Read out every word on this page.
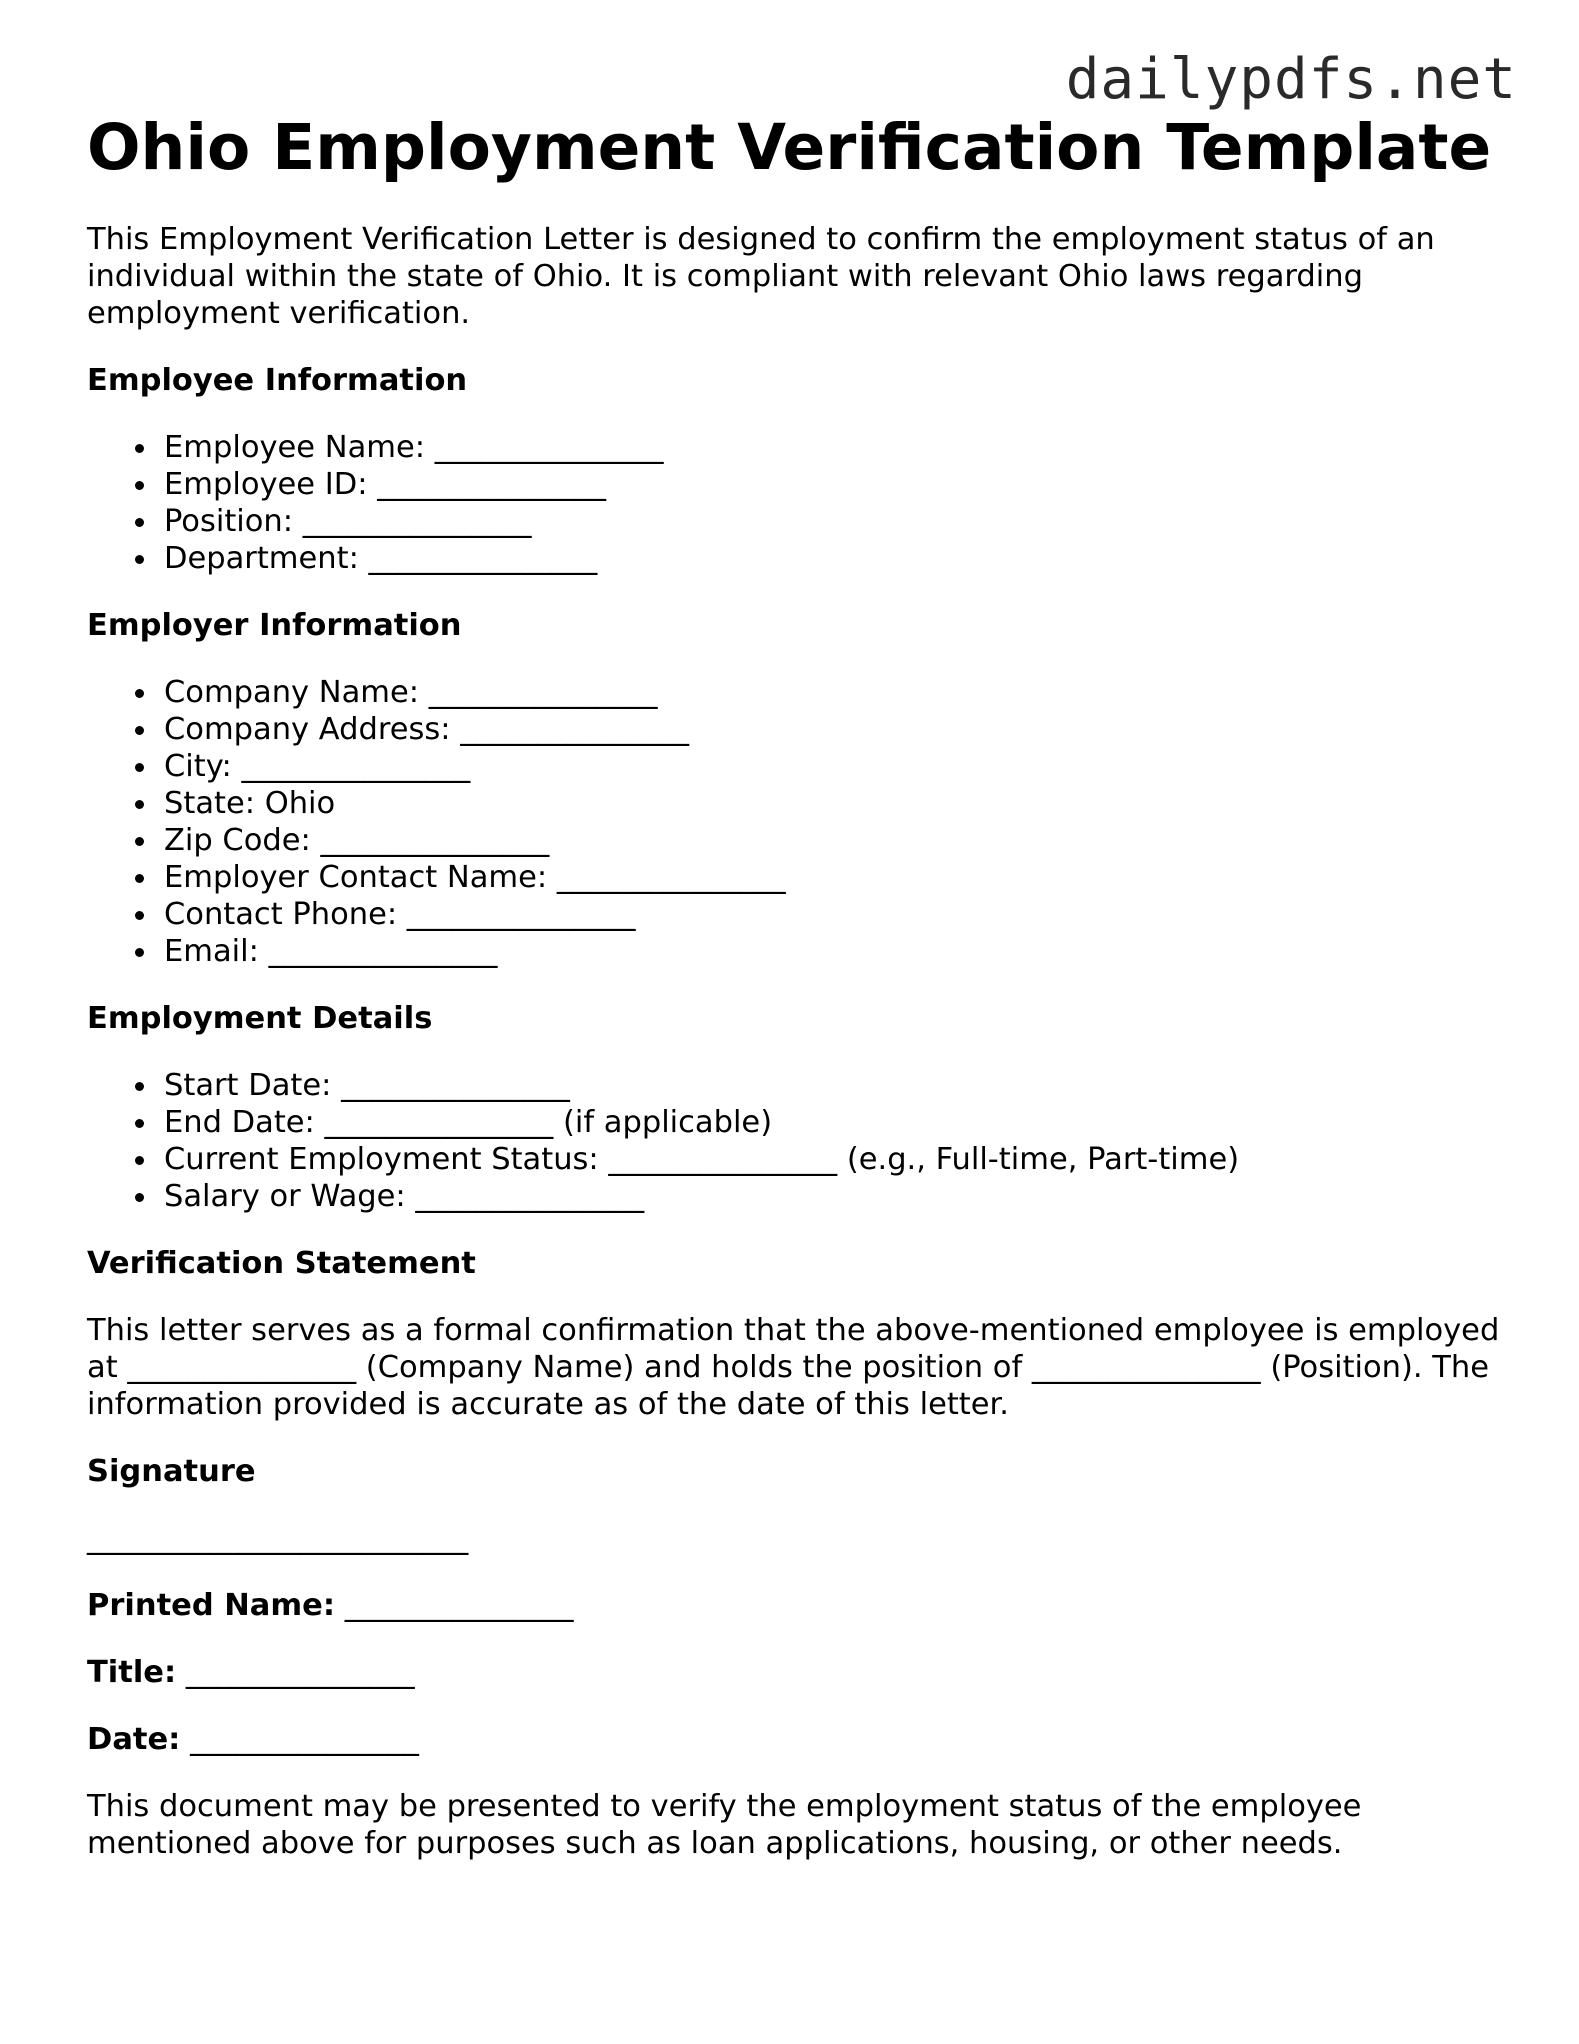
dailypdfs.net
Ohio Employment Verification Template

This Employment Verification Letter is designed to confirm the employment status of an individual within the state of Ohio. It is compliant with relevant Ohio laws regarding employment verification.

Employee Information
Employee Name: _______________
Employee ID: _______________
Position: _______________
Department: _______________
Employer Information
Company Name: _______________
Company Address: _______________
City: _______________
State: Ohio
Zip Code: _______________
Employer Contact Name: _______________
Contact Phone: _______________
Email: _______________
Employment Details
Start Date: _______________
End Date: _______________ (if applicable)
Current Employment Status: _______________ (e.g., Full-time, Part-time)
Salary or Wage: _______________
Verification Statement

This letter serves as a formal confirmation that the above-mentioned employee is employed at _______________ (Company Name) and holds the position of _______________ (Position). The information provided is accurate as of the date of this letter.

Signature
_________________________
Printed Name: _______________
Title: _______________
Date: _______________

This document may be presented to verify the employment status of the employee mentioned above for purposes such as loan applications, housing, or other needs.
